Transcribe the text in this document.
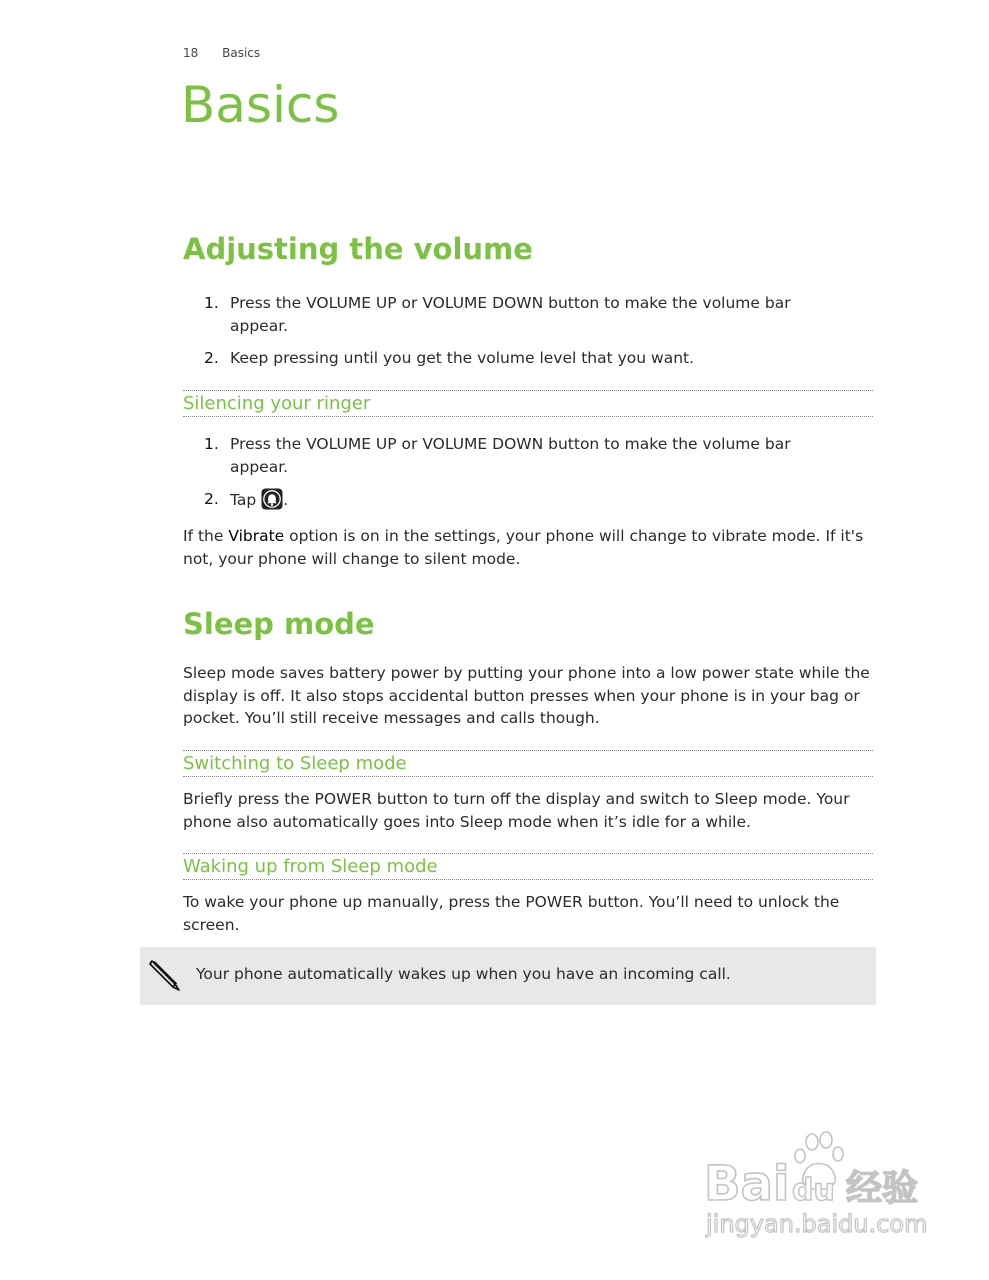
18 Basics
Basics
Adjusting the volume
1. Press the VOLUME UP or VOLUME DOWN button to make the volume bar appear.
2. Keep pressing until you get the volume level that you want.
Silencing your ringer
1. Press the VOLUME UP or VOLUME DOWN button to make the volume bar appear.
2. Tap .

If the Vibrate option is on in the settings, your phone will change to vibrate mode. If it's not, your phone will change to silent mode.

Sleep mode

Sleep mode saves battery power by putting your phone into a low power state while the display is off. It also stops accidental button presses when your phone is in your bag or pocket. You’ll still receive messages and calls though.

Switching to Sleep mode

Briefly press the POWER button to turn off the display and switch to Sleep mode. Your phone also automatically goes into Sleep mode when it’s idle for a while.

Waking up from Sleep mode

To wake your phone up manually, press the POWER button. You’ll need to unlock the screen.

Your phone automatically wakes up when you have an incoming call.
Bai du 经验
jingyan.baidu.com
